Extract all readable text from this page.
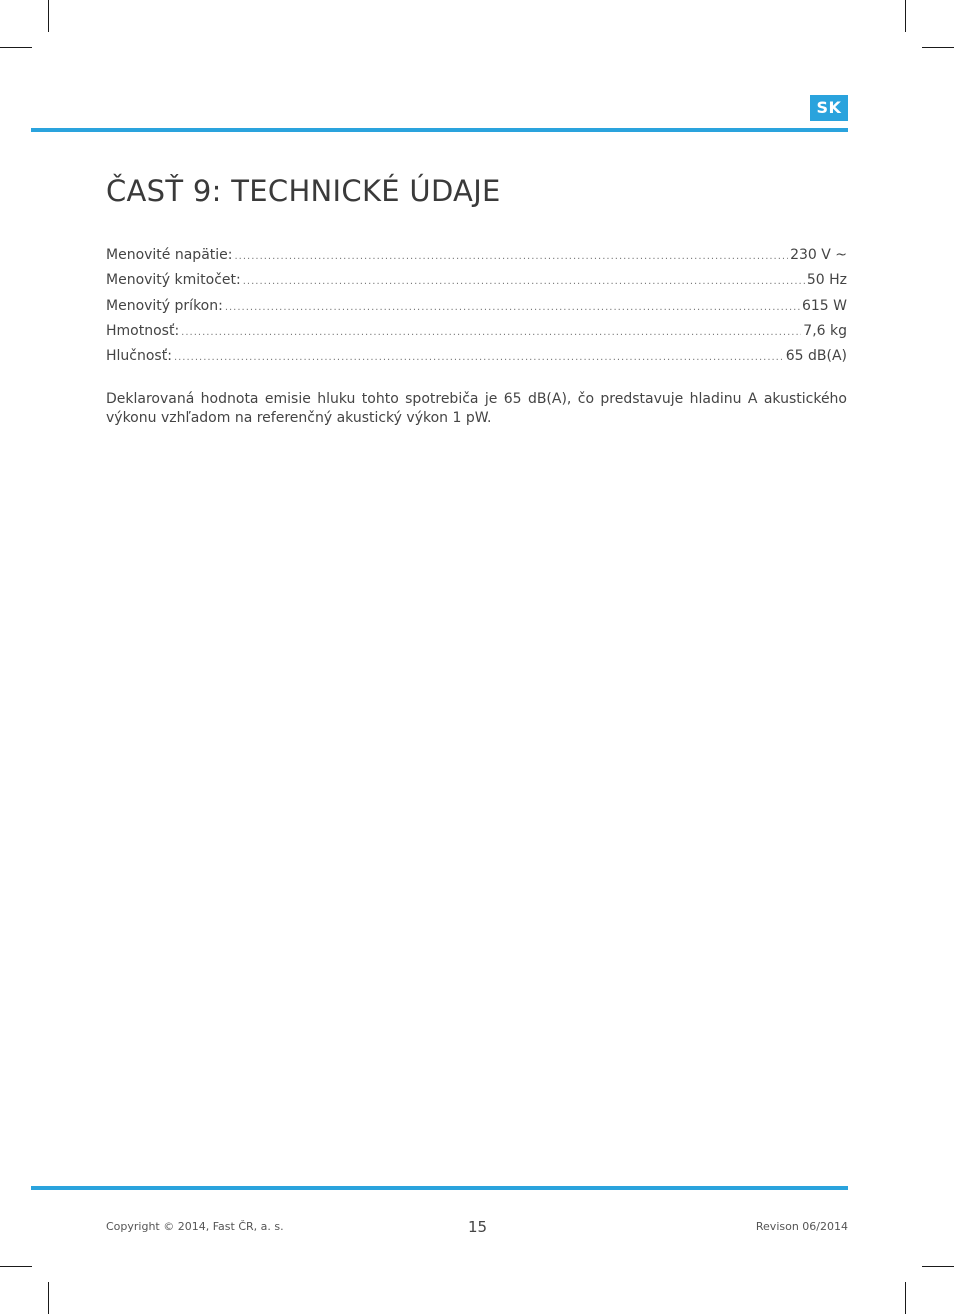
SK
ČASŤ 9: TECHNICKÉ ÚDAJE
Menovité napätie: .....	230 V ~
Menovitý kmitočet: .....	50 Hz
Menovitý príkon: .....	615 W
Hmotnosť: .....	7,6 kg
Hlučnosť: .....	65 dB(A)

Deklarovaná hodnota emisie hluku tohto spotrebiča je 65 dB(A), čo predstavuje hladinu A akustického výkonu vzhľadom na referenčný akustický výkon 1 pW.

Copyright © 2014, Fast ČR, a. s.	15	Revison 06/2014
